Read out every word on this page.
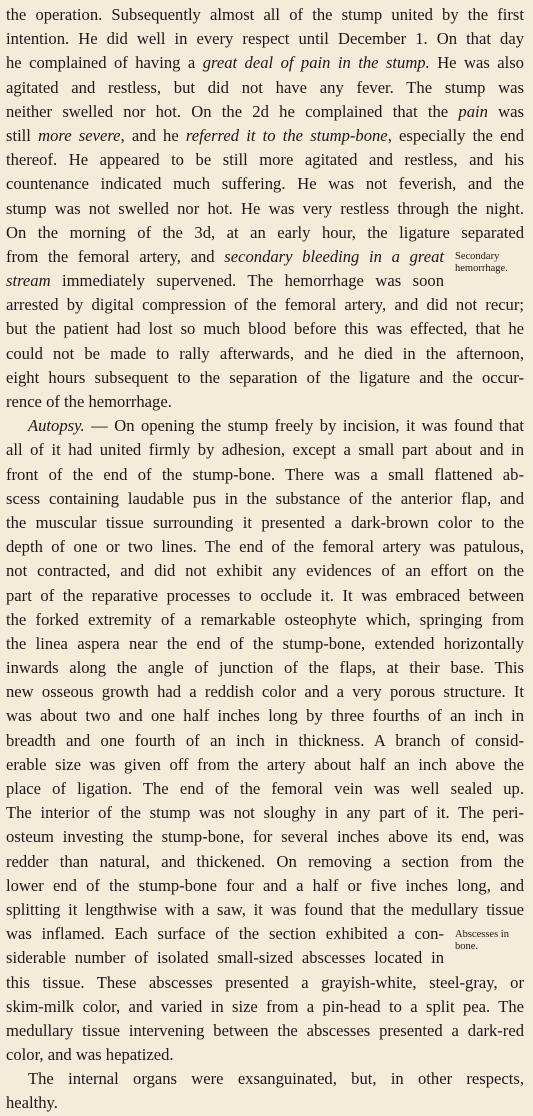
the operation. Subsequently almost all of the stump united by the first
intention. He did well in every respect until December 1. On that day
he complained of having a great deal of pain in the stump. He was also
agitated and restless, but did not have any fever. The stump was
neither swelled nor hot. On the 2d he complained that the pain was
still more severe, and he referred it to the stump-bone, especially the end
thereof. He appeared to be still more agitated and restless, and his
countenance indicated much suffering. He was not feverish, and the
stump was not swelled nor hot. He was very restless through the night.
On the morning of the 3d, at an early hour, the ligature separated
from the femoral artery, and secondary bleeding in a great
stream immediately supervened. The hemorrhage was soon
arrested by digital compression of the femoral artery, and did not recur;
but the patient had lost so much blood before this was effected, that he
could not be made to rally afterwards, and he died in the afternoon,
eight hours subsequent to the separation of the ligature and the occur-
rence of the hemorrhage.
Autopsy. — On opening the stump freely by incision, it was found that
all of it had united firmly by adhesion, except a small part about and in
front of the end of the stump-bone. There was a small flattened ab-
scess containing laudable pus in the substance of the anterior flap, and
the muscular tissue surrounding it presented a dark-brown color to the
depth of one or two lines. The end of the femoral artery was patulous,
not contracted, and did not exhibit any evidences of an effort on the
part of the reparative processes to occlude it. It was embraced between
the forked extremity of a remarkable osteophyte which, springing from
the linea aspera near the end of the stump-bone, extended horizontally
inwards along the angle of junction of the flaps, at their base. This
new osseous growth had a reddish color and a very porous structure. It
was about two and one half inches long by three fourths of an inch in
breadth and one fourth of an inch in thickness. A branch of consid-
erable size was given off from the artery about half an inch above the
place of ligation. The end of the femoral vein was well sealed up.
The interior of the stump was not sloughy in any part of it. The peri-
osteum investing the stump-bone, for several inches above its end, was
redder than natural, and thickened. On removing a section from the
lower end of the stump-bone four and a half or five inches long, and
splitting it lengthwise with a saw, it was found that the medullary tissue
was inflamed. Each surface of the section exhibited a con-
siderable number of isolated small-sized abscesses located in
this tissue. These abscesses presented a grayish-white, steel-gray, or
skim-milk color, and varied in size from a pin-head to a split pea. The
medullary tissue intervening between the abscesses presented a dark-red
color, and was hepatized.
The internal organs were exsanguinated, but, in other respects,
healthy.
Secondary
hemorrhage.
Abscesses in
bone.
